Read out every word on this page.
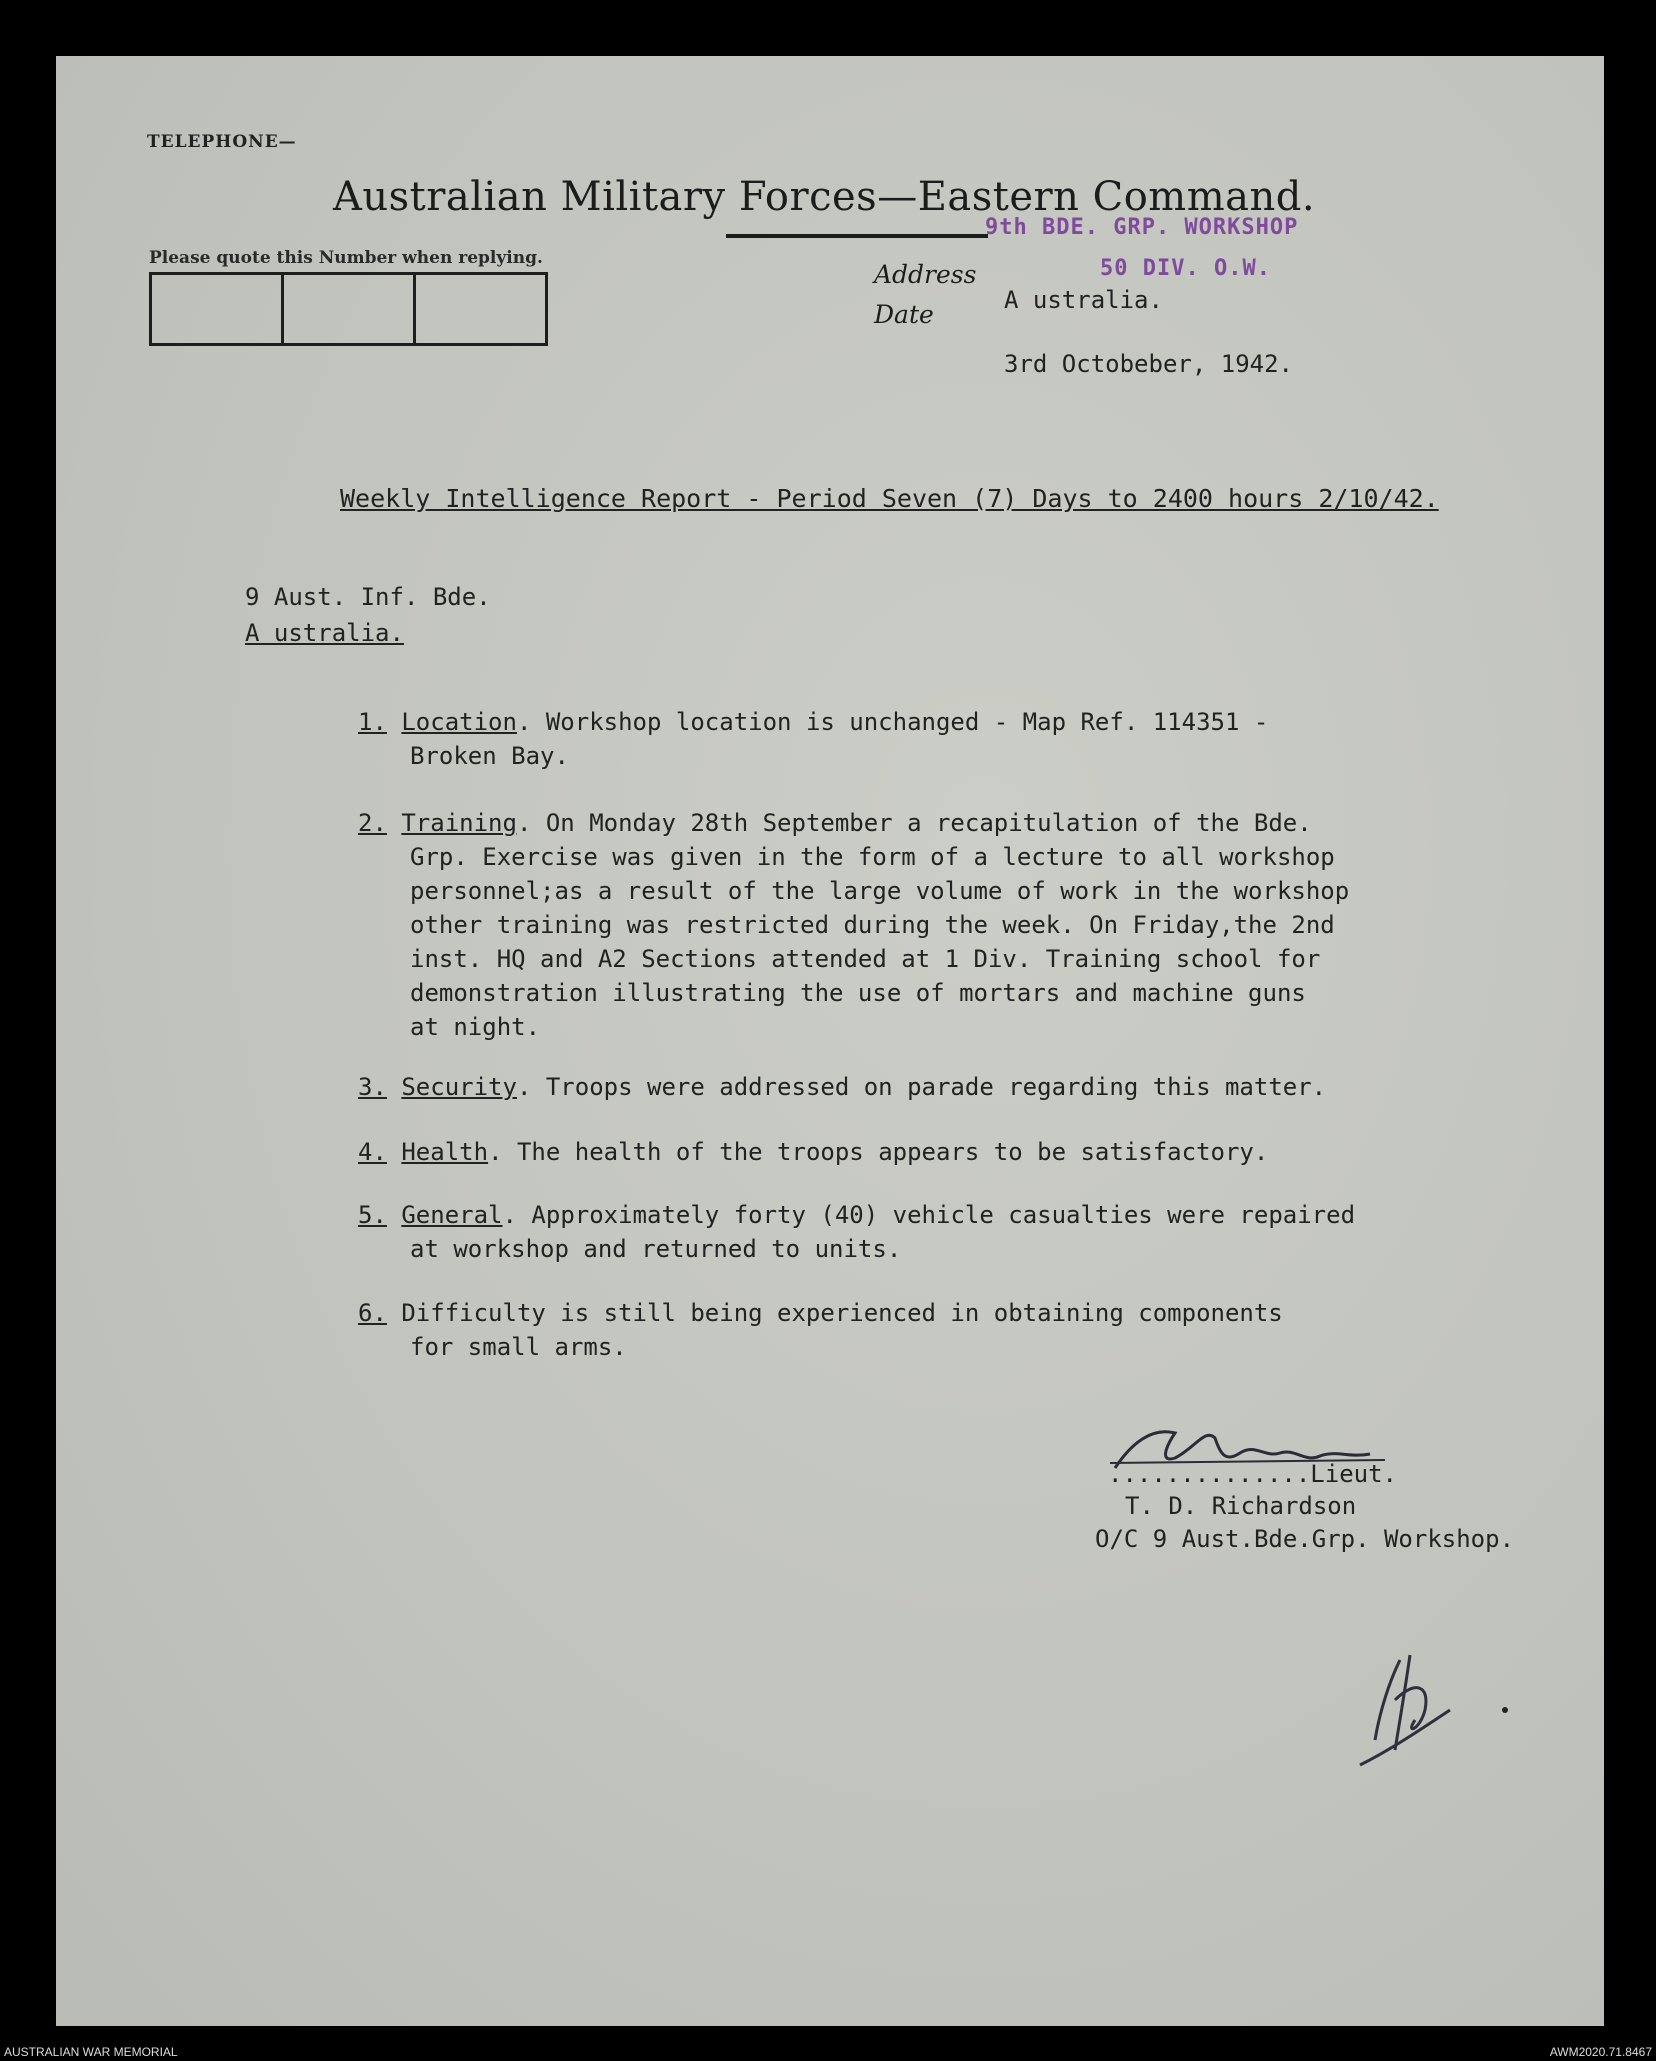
TELEPHONE—
Australian Military Forces—Eastern Command.
Please quote this Number when replying.
9th BDE. GRP. WORKSHOP
50 DIV. O.W.
Address
Date	A ustralia.
3rd Octobeber, 1942.
Weekly Intelligence Report - Period Seven (7) Days to 2400 hours 2/10/42.
9 Aust. Inf. Bde.
A ustralia.
1. Location. Workshop location is unchanged - Map Ref. 114351 -
Broken Bay.
2. Training. On Monday 28th September a recapitulation of the Bde.
Grp. Exercise was given in the form of a lecture to all workshop
personnel;as a result of the large volume of work in the workshop
other training was restricted during the week. On Friday,the 2nd
inst. HQ and A2 Sections attended at 1 Div. Training school for
demonstration illustrating the use of mortars and machine guns
at night.
3. Security. Troops were addressed on parade regarding this matter.
4. Health. The health of the troops appears to be satisfactory.
5. General. Approximately forty (40) vehicle casualties were repaired
at workshop and returned to units.
6. Difficulty is still being experienced in obtaining components
for small arms.
..............Lieut.
T. D. Richardson
O/C 9 Aust.Bde.Grp. Workshop.
AUSTRALIAN WAR MEMORIAL	AWM2020.71.8467
